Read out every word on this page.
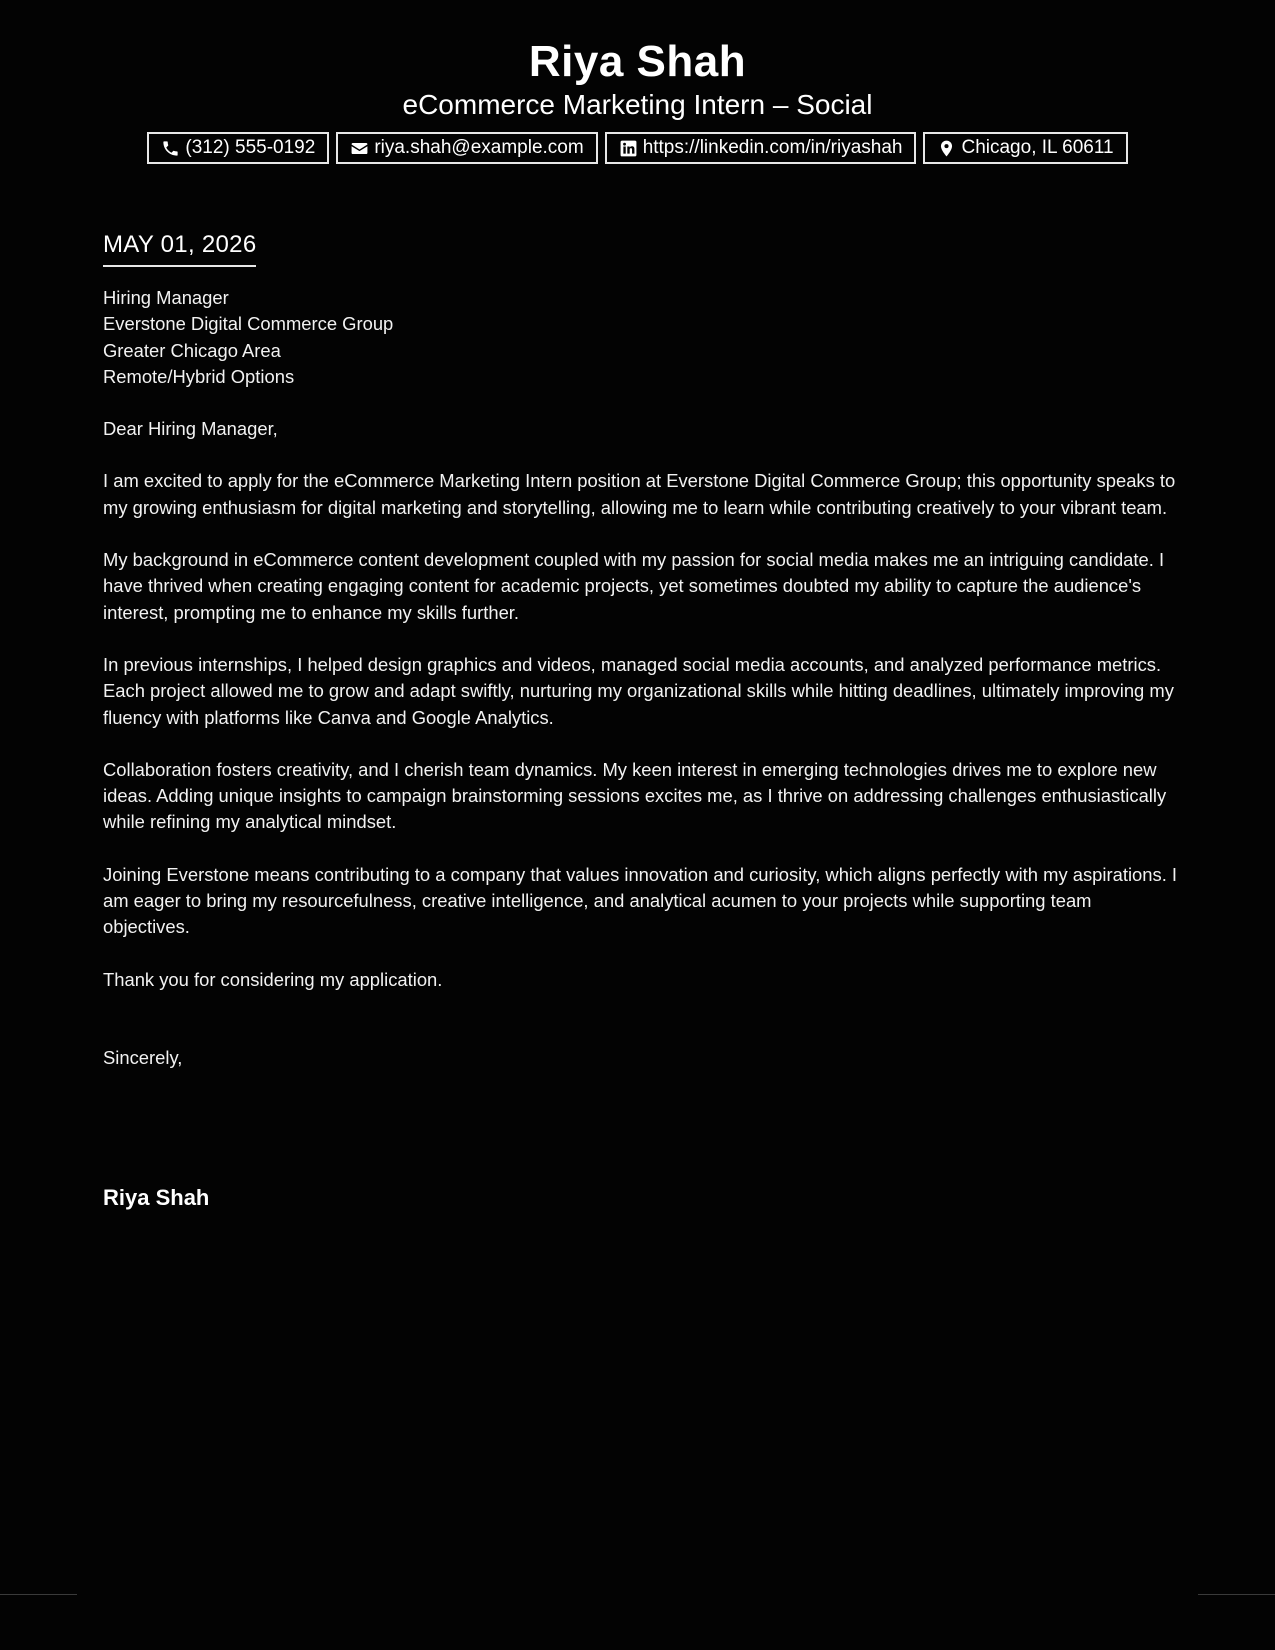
Riya Shah
eCommerce Marketing Intern – Social
(312) 555-0192	riya.shah@example.com	https://linkedin.com/in/riyashah	Chicago, IL 60611
MAY 01, 2026
Hiring Manager
Everstone Digital Commerce Group
Greater Chicago Area
Remote/Hybrid Options

Dear Hiring Manager,

I am excited to apply for the eCommerce Marketing Intern position at Everstone Digital Commerce Group; this opportunity speaks to my growing enthusiasm for digital marketing and storytelling, allowing me to learn while contributing creatively to your vibrant team.

My background in eCommerce content development coupled with my passion for social media makes me an intriguing candidate. I have thrived when creating engaging content for academic projects, yet sometimes doubted my ability to capture the audience's interest, prompting me to enhance my skills further.

In previous internships, I helped design graphics and videos, managed social media accounts, and analyzed performance metrics. Each project allowed me to grow and adapt swiftly, nurturing my organizational skills while hitting deadlines, ultimately improving my fluency with platforms like Canva and Google Analytics.

Collaboration fosters creativity, and I cherish team dynamics. My keen interest in emerging technologies drives me to explore new ideas. Adding unique insights to campaign brainstorming sessions excites me, as I thrive on addressing challenges enthusiastically while refining my analytical mindset.

Joining Everstone means contributing to a company that values innovation and curiosity, which aligns perfectly with my aspirations. I am eager to bring my resourcefulness, creative intelligence, and analytical acumen to your projects while supporting team objectives.

Thank you for considering my application.

Sincerely,
Riya Shah
